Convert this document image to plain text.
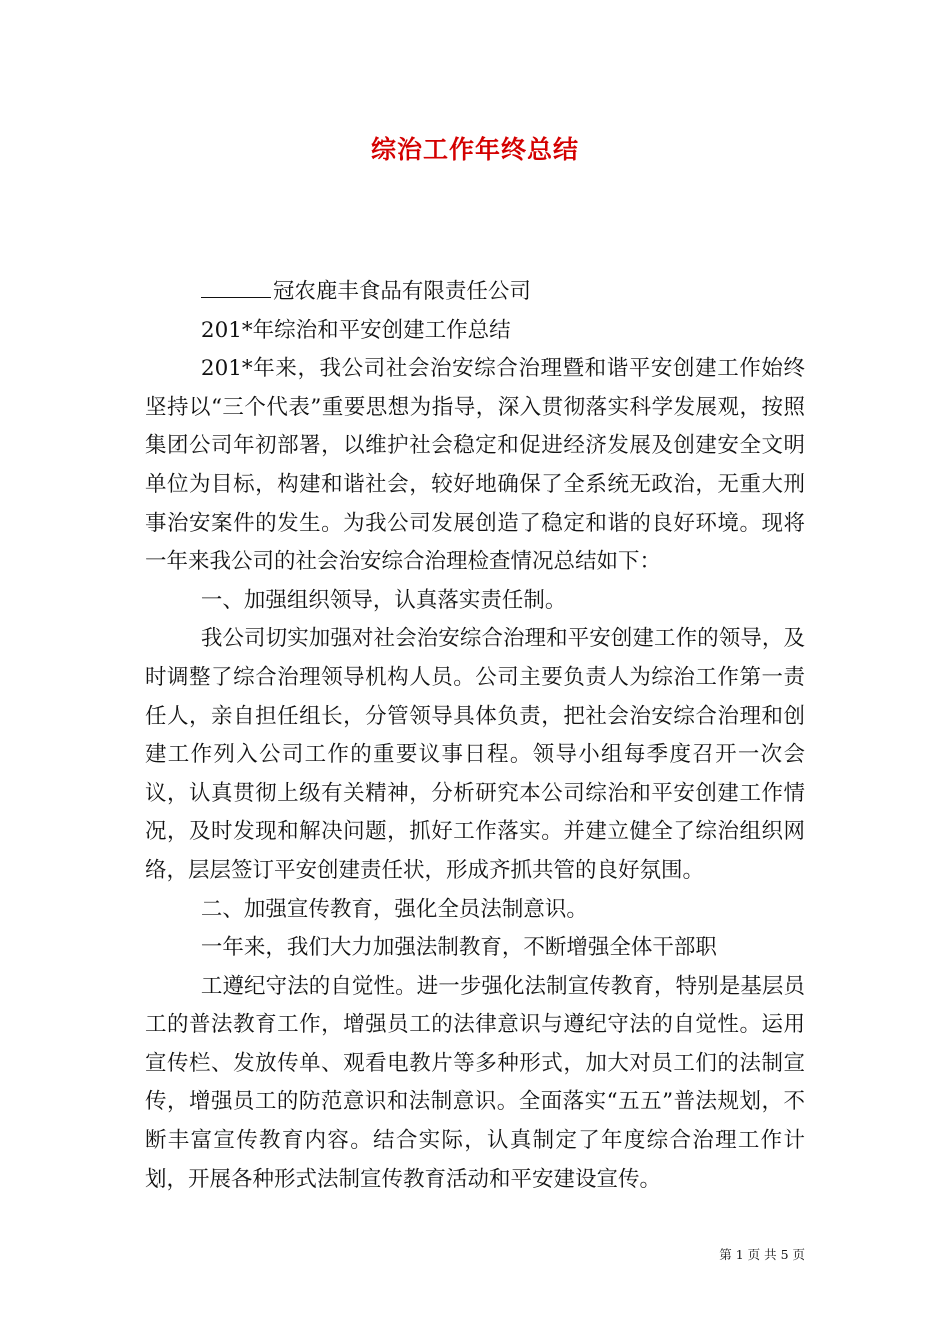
综治工作年终总结

冠农鹿丰食品有限责任公司

201*年综治和平安创建工作总结

201*年来，我公司社会治安综合治理暨和谐平安创建工作始终坚持以“三个代表”重要思想为指导，深入贯彻落实科学发展观，按照集团公司年初部署，以维护社会稳定和促进经济发展及创建安全文明单位为目标，构建和谐社会，较好地确保了全系统无政治，无重大刑事治安案件的发生。为我公司发展创造了稳定和谐的良好环境。现将一年来我公司的社会治安综合治理检查情况总结如下：

一、加强组织领导，认真落实责任制。

我公司切实加强对社会治安综合治理和平安创建工作的领导，及时调整了综合治理领导机构人员。公司主要负责人为综治工作第一责任人，亲自担任组长，分管领导具体负责，把社会治安综合治理和创建工作列入公司工作的重要议事日程。领导小组每季度召开一次会议，认真贯彻上级有关精神，分析研究本公司综治和平安创建工作情况，及时发现和解决问题，抓好工作落实。并建立健全了综治组织网络，层层签订平安创建责任状，形成齐抓共管的良好氛围。

二、加强宣传教育，强化全员法制意识。

一年来，我们大力加强法制教育，不断增强全体干部职

工遵纪守法的自觉性。进一步强化法制宣传教育，特别是基层员工的普法教育工作，增强员工的法律意识与遵纪守法的自觉性。运用宣传栏、发放传单、观看电教片等多种形式，加大对员工们的法制宣传，增强员工的防范意识和法制意识。全面落实“五五”普法规划，不断丰富宣传教育内容。结合实际，认真制定了年度综合治理工作计划，开展各种形式法制宣传教育活动和平安建设宣传。

第 1 页 共 5 页
